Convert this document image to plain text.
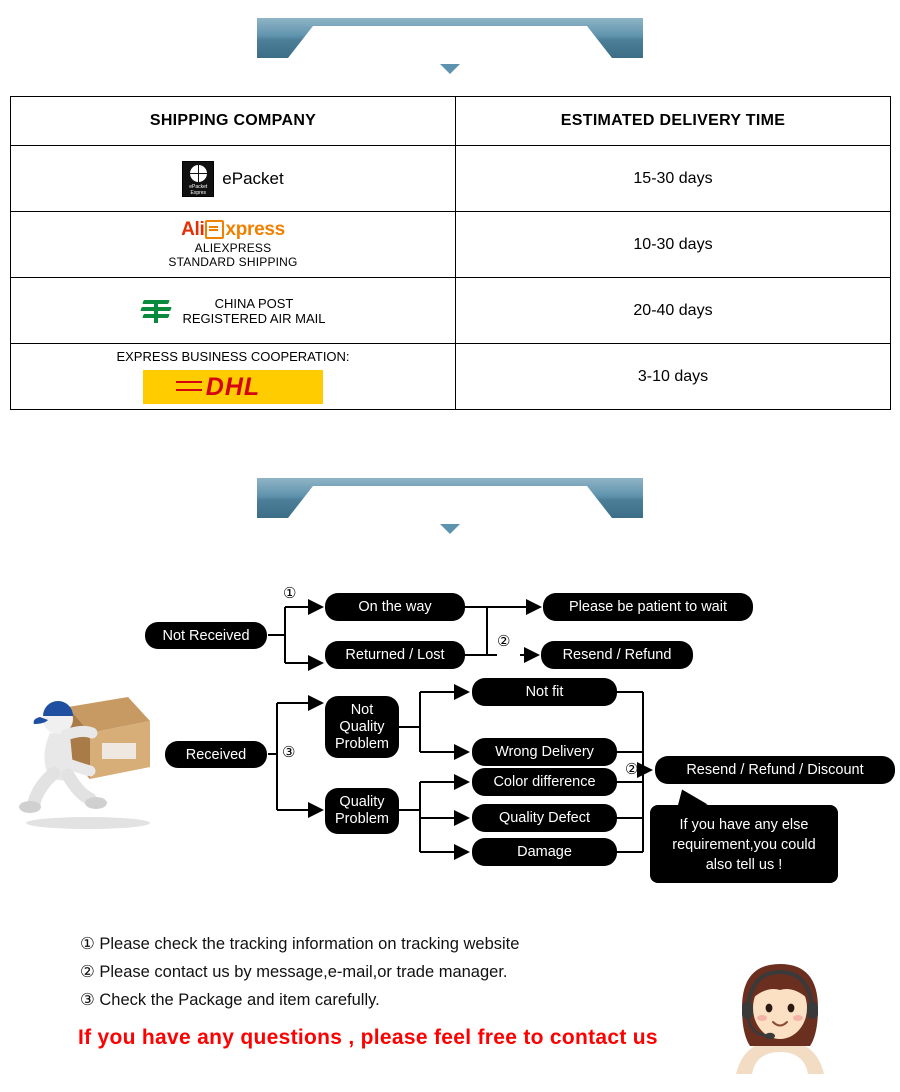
SHIPPING
SHIPPING COMPANY	ESTIMATED DELIVERY TIME

ePacket
Expres
ePacket	15-30 days

Ali xpress
ALIEXPRESS
STANDARD SHIPPING	10-30 days

CHINA POST
REGISTERED AIR MAIL	20-40 days

EXPRESS BUSINESS COOPERATION:
DHL	3-10 days
RETURN & REFUND
Not Received
①
On the way
Returned / Lost
Please be patient to wait
②
Resend / Refund
Received	③
Not
Quality
Problem
Quality
Problem
Not fit
Wrong Delivery
Color difference
Quality Defect
Damage
②	Resend / Refund / Discount
If you have any else
requirement,you could
also tell us !
① Please check the tracking information on tracking website
② Please contact us by message,e-mail,or trade manager.
③ Check the Package and item carefully.
If you have any questions , please feel free to contact us
